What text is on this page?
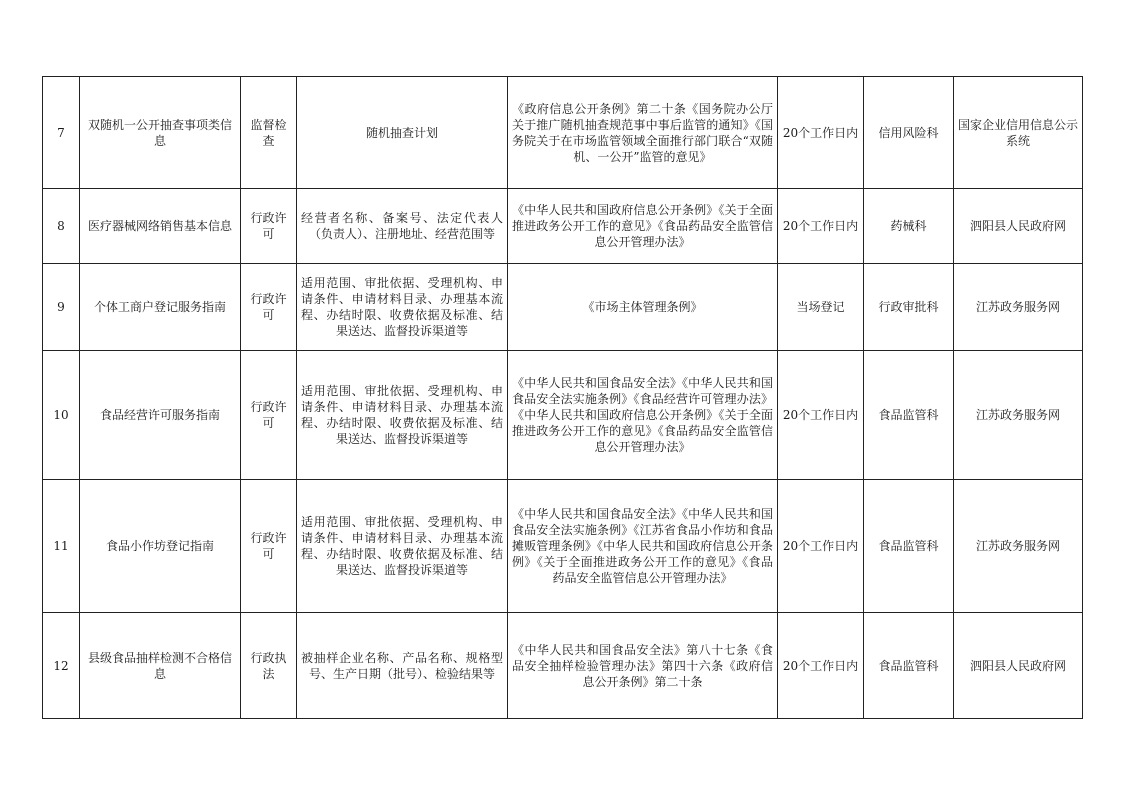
7	双随机一公开抽查事项类信息	监督检查	随机抽查计划	《政府信息公开条例》第二十条《国务院办公厅关于推广随机抽查规范事中事后监管的通知》《国务院关于在市场监管领域全面推行部门联合“双随机、一公开”监管的意见》	20个工作日内	信用风险科	国家企业信用信息公示系统
8	医疗器械网络销售基本信息	行政许可	经营者名称、备案号、法定代表人（负责人）、注册地址、经营范围等	《中华人民共和国政府信息公开条例》《关于全面推进政务公开工作的意见》《食品药品安全监管信息公开管理办法》	20个工作日内	药械科	泗阳县人民政府网
9	个体工商户登记服务指南	行政许可	适用范围、审批依据、受理机构、申请条件、申请材料目录、办理基本流程、办结时限、收费依据及标准、结果送达、监督投诉渠道等	《市场主体管理条例》	当场登记	行政审批科	江苏政务服务网
10	食品经营许可服务指南	行政许可	适用范围、审批依据、受理机构、申请条件、申请材料目录、办理基本流程、办结时限、收费依据及标准、结果送达、监督投诉渠道等	《中华人民共和国食品安全法》《中华人民共和国食品安全法实施条例》《食品经营许可管理办法》《中华人民共和国政府信息公开条例》《关于全面推进政务公开工作的意见》《食品药品安全监管信息公开管理办法》	20个工作日内	食品监管科	江苏政务服务网
11	食品小作坊登记指南	行政许可	适用范围、审批依据、受理机构、申请条件、申请材料目录、办理基本流程、办结时限、收费依据及标准、结果送达、监督投诉渠道等	《中华人民共和国食品安全法》《中华人民共和国食品安全法实施条例》《江苏省食品小作坊和食品摊贩管理条例》《中华人民共和国政府信息公开条例》《关于全面推进政务公开工作的意见》《食品药品安全监管信息公开管理办法》	20个工作日内	食品监管科	江苏政务服务网
12	县级食品抽样检测不合格信息	行政执法	被抽样企业名称、产品名称、规格型号、生产日期（批号）、检验结果等	《中华人民共和国食品安全法》第八十七条《食品安全抽样检验管理办法》第四十六条《政府信息公开条例》第二十条	20个工作日内	食品监管科	泗阳县人民政府网
